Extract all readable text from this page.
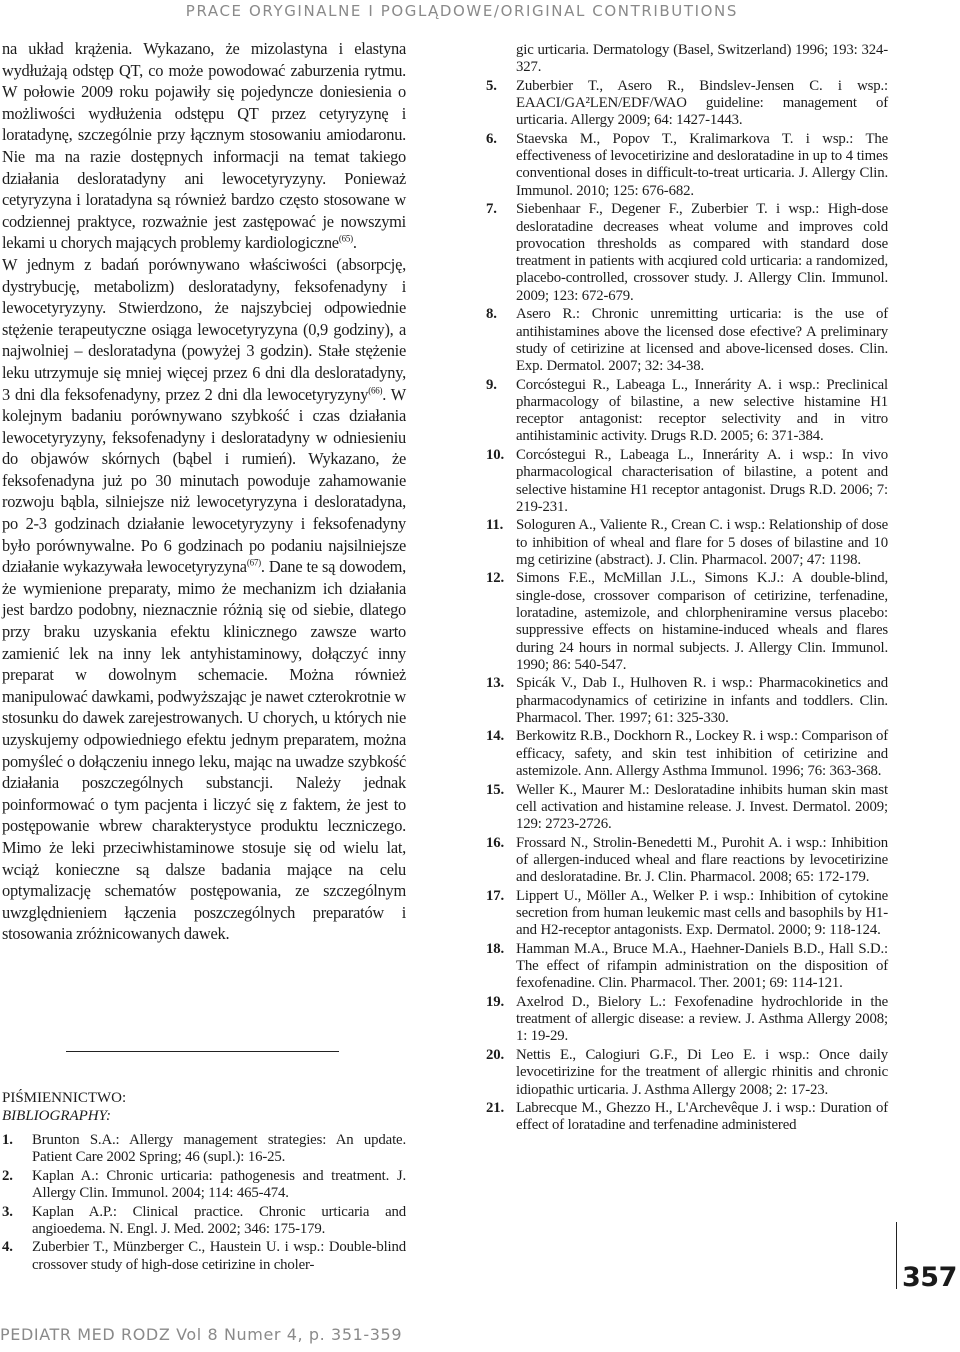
PRACE ORYGINALNE I POGLĄDOWE/ORIGINAL CONTRIBUTIONS

na układ krążenia. Wykazano, że mizolastyna i elastyna wydłużają odstęp QT, co może powodować zaburzenia rytmu. W połowie 2009 roku pojawiły się pojedyncze doniesienia o możliwości wydłużenia odstępu QT przez cetyryzynę i loratadynę, szczególnie przy łącznym stosowaniu amiodaronu. Nie ma na razie dostępnych informacji na temat takiego działania desloratadyny ani lewocetyryzyny. Ponieważ cetyryzyna i loratadyna są również bardzo często stosowane w codziennej praktyce, rozważnie jest zastępować je nowszymi lekami u chorych mających problemy kardiologiczne$^{(65)}$.

W jednym z badań porównywano właściwości (absorpcję, dystrybucję, metabolizm) desloratadyny, feksofenadyny i lewocetyryzyny. Stwierdzono, że najszybciej odpowiednie stężenie terapeutyczne osiąga lewocetyryzyna (0,9 godziny), a najwolniej – desloratadyna (powyżej 3 godzin). Stałe stężenie leku utrzymuje się mniej więcej przez 6 dni dla desloratadyny, 3 dni dla feksofenadyny, przez 2 dni dla lewocetyryzyny$^{(66)}$. W kolejnym badaniu porównywano szybkość i czas działania lewocetyryzyny, feksofenadyny i desloratadyny w odniesieniu do objawów skórnych (bąbel i rumień). Wykazano, że feksofenadyna już po 30 minutach powoduje zahamowanie rozwoju bąbla, silniejsze niż lewocetyryzyna i desloratadyna, po 2-3 godzinach działanie lewocetyryzyny i feksofenadyny było porównywalne. Po 6 godzinach po podaniu najsilniejsze działanie wykazywała lewocetyryzyna$^{(67)}$. Dane te są dowodem, że wymienione preparaty, mimo że mechanizm ich działania jest bardzo podobny, nieznacznie różnią się od siebie, dlatego przy braku uzyskania efektu klinicznego zawsze warto zamienić lek na inny lek antyhistaminowy, dołączyć inny preparat w dowolnym schemacie. Można również manipulować dawkami, podwyższając je nawet czterokrotnie w stosunku do dawek zarejestrowanych. U chorych, u których nie uzyskujemy odpowiedniego efektu jednym preparatem, można pomyśleć o dołączeniu innego leku, mając na uwadze szybkość działania poszczególnych substancji. Należy jednak poinformować o tym pacjenta i liczyć się z faktem, że jest to postępowanie wbrew charakterystyce produktu leczniczego. Mimo że leki przeciwhistaminowe stosuje się od wielu lat, wciąż konieczne są dalsze badania mające na celu optymalizację schematów postępowania, ze szczególnym uwzględnieniem łączenia poszczególnych preparatów i stosowania zróżnicowanych dawek.

PIŚMIENNICTWO:
BIBLIOGRAPHY:
1.	Brunton S.A.: Allergy management strategies: An update. Patient Care 2002 Spring; 46 (supl.): 16-25.
2.	Kaplan A.: Chronic urticaria: pathogenesis and treatment. J. Allergy Clin. Immunol. 2004; 114: 465-474.
3.	Kaplan A.P.: Clinical practice. Chronic urticaria and angioedema. N. Engl. J. Med. 2002; 346: 175-179.
4.	Zuberbier T., Münzberger C., Haustein U. i wsp.: Double-blind crossover study of high-dose cetirizine in choler-
gic urticaria. Dermatology (Basel, Switzerland) 1996; 193: 324-327.
5.	Zuberbier T., Asero R., Bindslev-Jensen C. i wsp.: EAACI/GA²LEN/EDF/WAO guideline: management of urticaria. Allergy 2009; 64: 1427-1443.
6.	Staevska M., Popov T., Kralimarkova T. i wsp.: The effectiveness of levocetirizine and desloratadine in up to 4 times conventional doses in difficult-to-treat urticaria. J. Allergy Clin. Immunol. 2010; 125: 676-682.
7.	Siebenhaar F., Degener F., Zuberbier T. i wsp.: High-dose desloratadine decreases wheat volume and improves cold provocation thresholds as compared with standard dose treatment in patients with acqiured cold urticaria: a randomized, placebo-controlled, crossover study. J. Allergy Clin. Immunol. 2009; 123: 672-679.
8.	Asero R.: Chronic unremitting urticaria: is the use of antihistamines above the licensed dose efective? A preliminary study of cetirizine at licensed and above-licensed doses. Clin. Exp. Dermatol. 2007; 32: 34-38.
9.	Corcóstegui R., Labeaga L., Innerárity A. i wsp.: Preclinical pharmacology of bilastine, a new selective histamine H1 receptor antagonist: receptor selectivity and in vitro antihistaminic activity. Drugs R.D. 2005; 6: 371-384.
10. Corcóstegui R., Labeaga L., Innerárity A. i wsp.: In vivo pharmacological characterisation of bilastine, a potent and selective histamine H1 receptor antagonist. Drugs R.D. 2006; 7: 219-231.
11. Sologuren A., Valiente R., Crean C. i wsp.: Relationship of dose to inhibition of wheal and flare for 5 doses of bilastine and 10 mg cetirizine (abstract). J. Clin. Pharmacol. 2007; 47: 1198.
12. Simons F.E., McMillan J.L., Simons K.J.: A double-blind, single-dose, crossover comparison of cetirizine, terfenadine, loratadine, astemizole, and chlorpheniramine versus placebo: suppressive effects on histamine-induced wheals and flares during 24 hours in normal subjects. J. Allergy Clin. Immunol. 1990; 86: 540-547.
13. Spicák V., Dab I., Hulhoven R. i wsp.: Pharmacokinetics and pharmacodynamics of cetirizine in infants and toddlers. Clin. Pharmacol. Ther. 1997; 61: 325-330.
14. Berkowitz R.B., Dockhorn R., Lockey R. i wsp.: Comparison of efficacy, safety, and skin test inhibition of cetirizine and astemizole. Ann. Allergy Asthma Immunol. 1996; 76: 363-368.
15. Weller K., Maurer M.: Desloratadine inhibits human skin mast cell activation and histamine release. J. Invest. Dermatol. 2009; 129: 2723-2726.
16. Frossard N., Strolin-Benedetti M., Purohit A. i wsp.: Inhibition of allergen-induced wheal and flare reactions by levocetirizine and desloratadine. Br. J. Clin. Pharmacol. 2008; 65: 172-179.
17. Lippert U., Möller A., Welker P. i wsp.: Inhibition of cytokine secretion from human leukemic mast cells and basophils by H1- and H2-receptor antagonists. Exp. Dermatol. 2000; 9: 118-124.
18. Hamman M.A., Bruce M.A., Haehner-Daniels B.D., Hall S.D.: The effect of rifampin administration on the disposition of fexofenadine. Clin. Pharmacol. Ther. 2001; 69: 114-121.
19. Axelrod D., Bielory L.: Fexofenadine hydrochloride in the treatment of allergic disease: a review. J. Asthma Allergy 2008; 1: 19-29.
20. Nettis E., Calogiuri G.F., Di Leo E. i wsp.: Once daily levocetirizine for the treatment of allergic rhinitis and chronic idiopathic urticaria. J. Asthma Allergy 2008; 2: 17-23.
21. Labrecque M., Ghezzo H., L'Archevêque J. i wsp.: Duration of effect of loratadine and terfenadine administered
357
PEDIATR MED RODZ Vol 8 Numer 4, p. 351-359
